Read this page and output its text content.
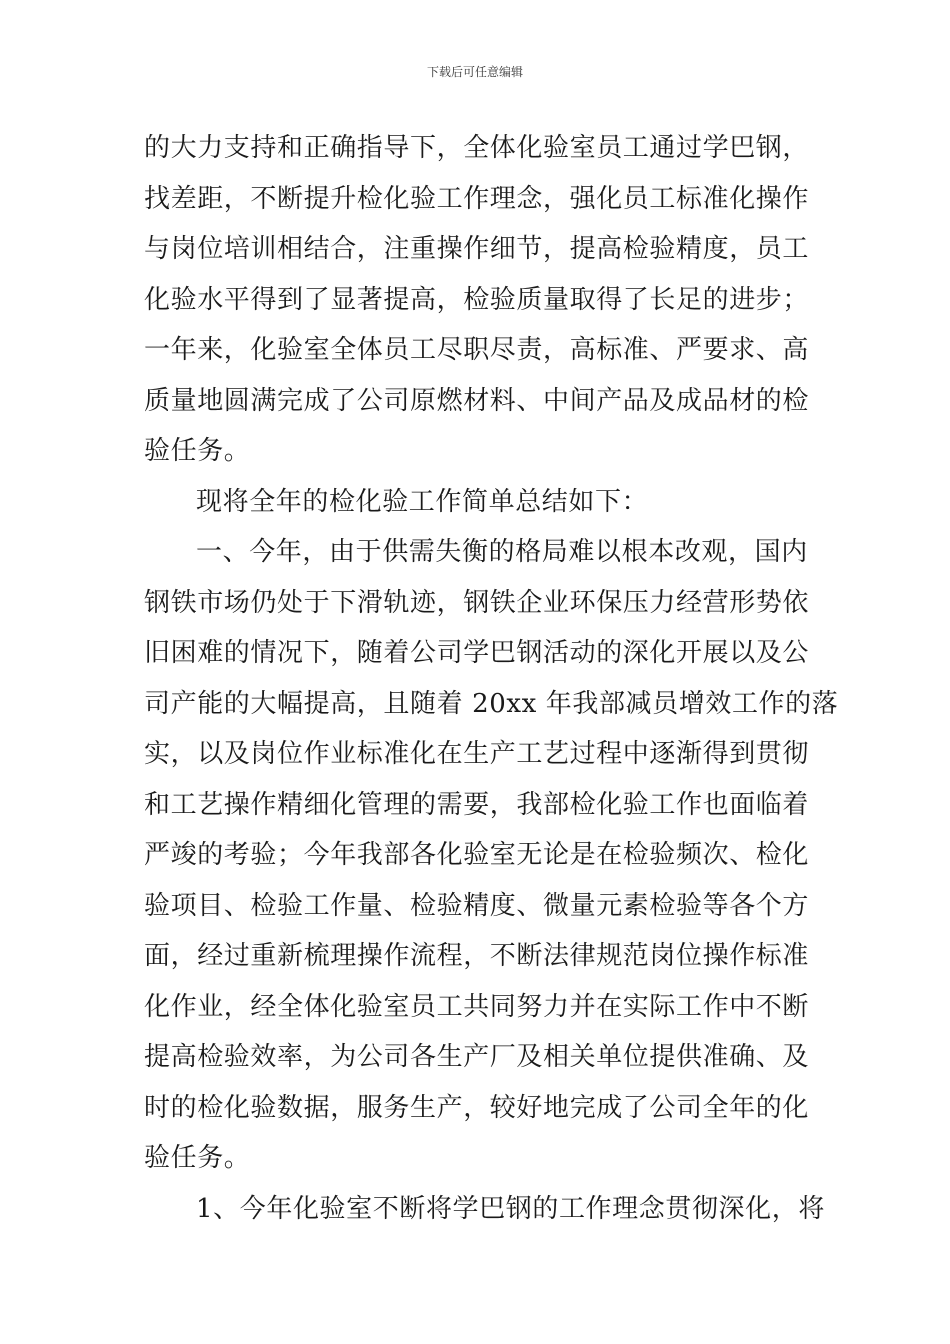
下载后可任意编辑
的大力支持和正确指导下，全体化验室员工通过学巴钢，
找差距，不断提升检化验工作理念，强化员工标准化操作
与岗位培训相结合，注重操作细节，提高检验精度，员工
化验水平得到了显著提高，检验质量取得了长足的进步；
一年来，化验室全体员工尽职尽责，高标准、严要求、高
质量地圆满完成了公司原燃材料、中间产品及成品材的检
验任务。
现将全年的检化验工作简单总结如下：
一、今年，由于供需失衡的格局难以根本改观，国内
钢铁市场仍处于下滑轨迹，钢铁企业环保压力经营形势依
旧困难的情况下，随着公司学巴钢活动的深化开展以及公
司产能的大幅提高，且随着 20xx 年我部减员增效工作的落
实，以及岗位作业标准化在生产工艺过程中逐渐得到贯彻
和工艺操作精细化管理的需要，我部检化验工作也面临着
严竣的考验；今年我部各化验室无论是在检验频次、检化
验项目、检验工作量、检验精度、微量元素检验等各个方
面，经过重新梳理操作流程，不断法律规范岗位操作标准
化作业，经全体化验室员工共同努力并在实际工作中不断
提高检验效率，为公司各生产厂及相关单位提供准确、及
时的检化验数据，服务生产，较好地完成了公司全年的化
验任务。
1、今年化验室不断将学巴钢的工作理念贯彻深化，将
